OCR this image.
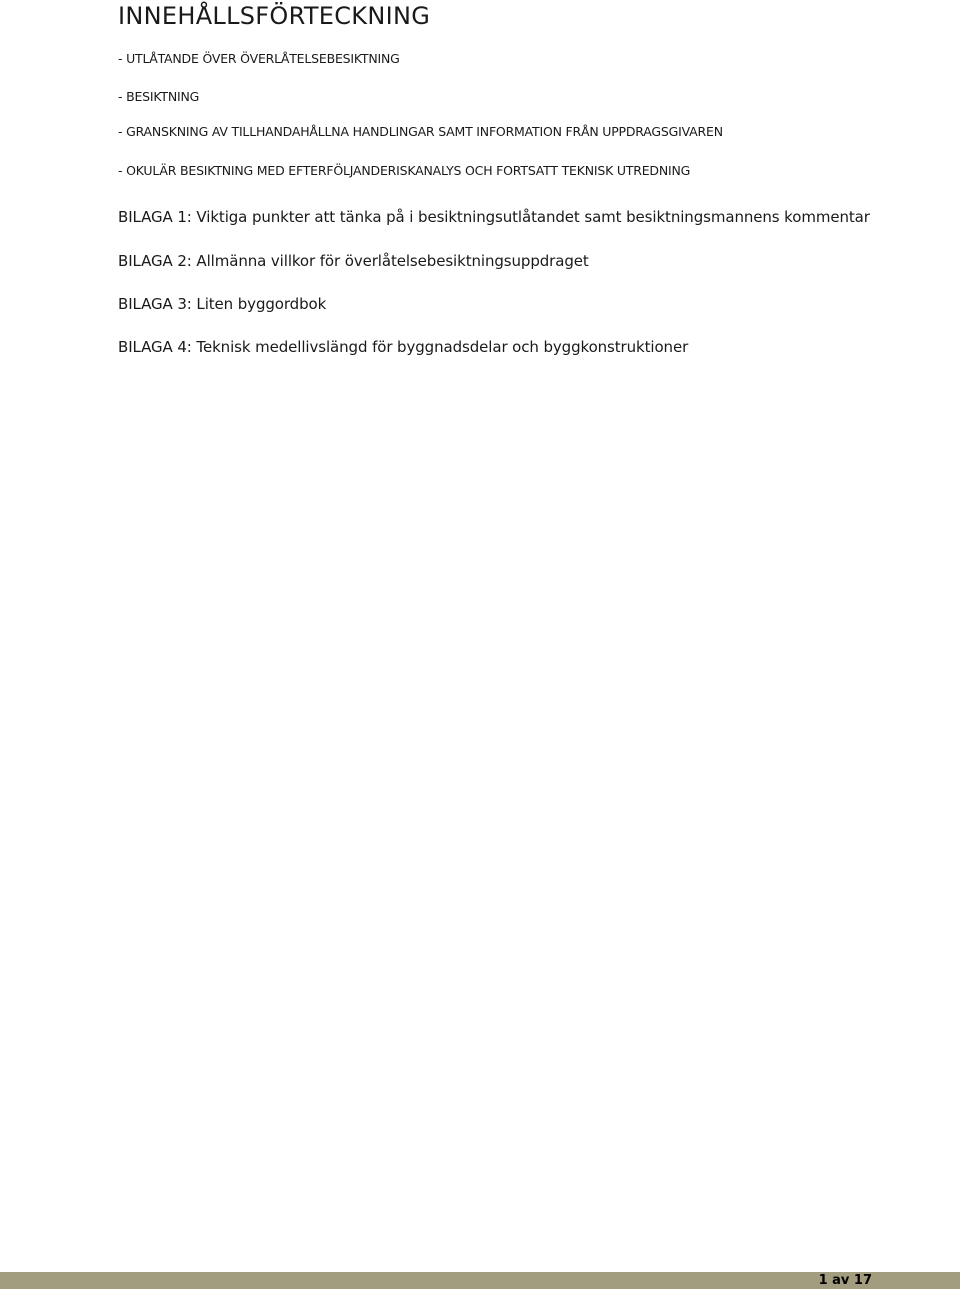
INNEHÅLLSFÖRTECKNING
- UTLÅTANDE ÖVER ÖVERLÅTELSEBESIKTNING
- BESIKTNING
- GRANSKNING AV TILLHANDAHÅLLNA HANDLINGAR SAMT INFORMATION FRÅN UPPDRAGSGIVAREN
- OKULÄR BESIKTNING MED EFTERFÖLJANDERISKANALYS OCH FORTSATT TEKNISK UTREDNING
BILAGA 1: Viktiga punkter att tänka på i besiktningsutlåtandet samt besiktningsmannens kommentar
BILAGA 2: Allmänna villkor för överlåtelsebesiktningsuppdraget
BILAGA 3: Liten byggordbok
BILAGA 4: Teknisk medellivslängd för byggnadsdelar och byggkonstruktioner
1 av 17
